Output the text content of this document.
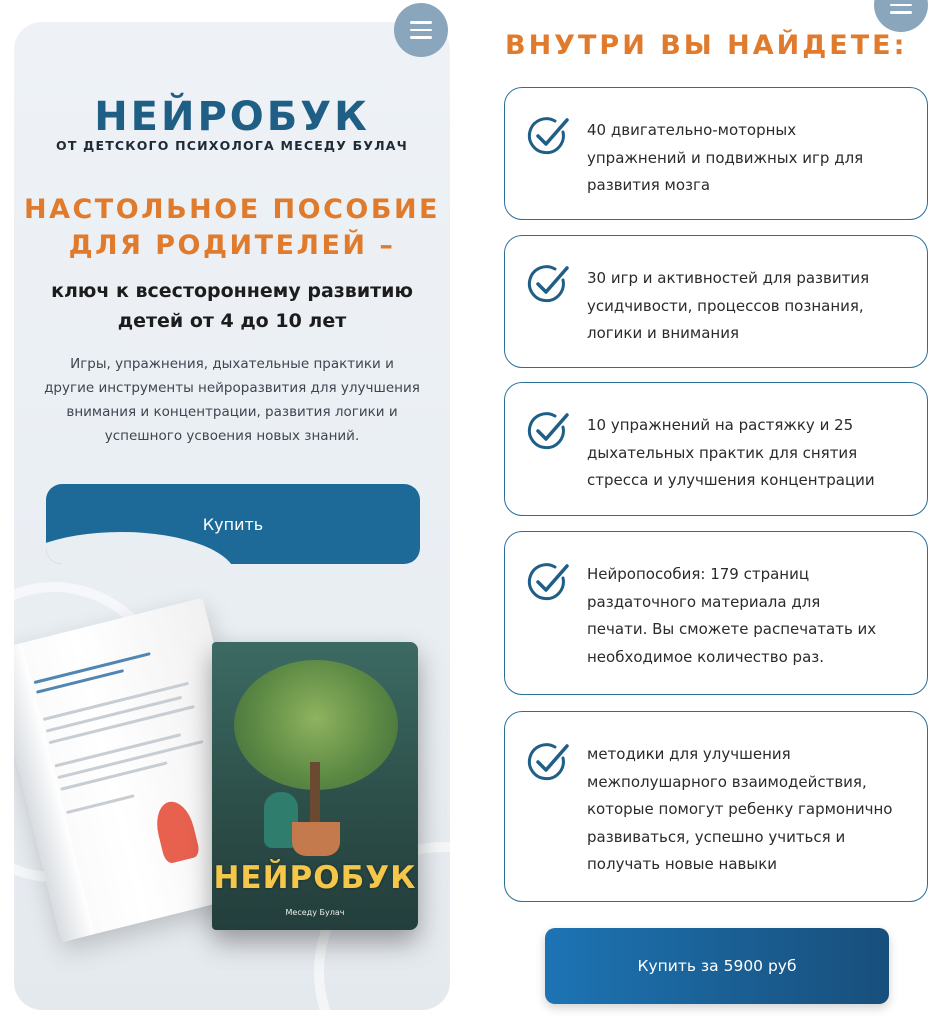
НЕЙРОБУК
ОТ ДЕТСКОГО ПСИХОЛОГА МЕСЕДУ БУЛАЧ
НАСТОЛЬНОЕ ПОСОБИЕ
ДЛЯ РОДИТЕЛЕЙ –
ключ к всестороннему развитию
детей от 4 до 10 лет
Игры, упражнения, дыхательные практики и
другие инструменты нейроразвития для улучшения
внимания и концентрации, развития логики и
успешного усвоения новых знаний.
Купить
НЕЙРОБУК
Меседу Булач
ВНУТРИ ВЫ НАЙДЕТЕ:
40 двигательно-моторных
упражнений и подвижных игр для
развития мозга
30 игр и активностей для развития
усидчивости, процессов познания,
логики и внимания
10 упражнений на растяжку и 25
дыхательных практик для снятия
стресса и улучшения концентрации
Нейропособия: 179 страниц
раздаточного материала для
печати. Вы сможете распечатать их
необходимое количество раз.
методики для улучшения
межполушарного взаимодействия,
которые помогут ребенку гармонично
развиваться, успешно учиться и
получать новые навыки
Купить за 5900 руб
